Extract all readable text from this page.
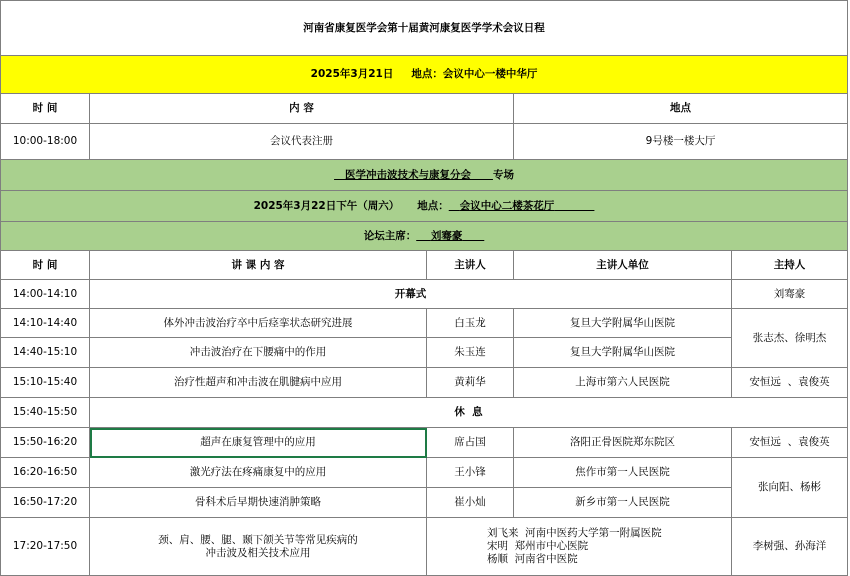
河南省康复医学会第十届黄河康复医学学术会议日程				
2025年3月21日 地点：会议中心一楼中华厅				
时 间	内 容		地点	
10:00-18:00	会议代表注册		9号楼一楼大厅	
医学冲击波技术与康复分会 专场				
2025年3月22日下午（周六） 地点： 会议中心二楼茶花厅				
论坛主席： 刘骞豪				
时 间	讲 课 内 容	主讲人	主讲人单位	主持人
14:00-14:10	开幕式			刘骞豪
14:10-14:40	体外冲击波治疗卒中后痉挛状态研究进展	白玉龙	复旦大学附属华山医院	张志杰、徐明杰
14:40-15:10	冲击波治疗在下腰痛中的作用	朱玉连	复旦大学附属华山医院	
15:10-15:40	治疗性超声和冲击波在肌腱病中应用	黄莉华	上海市第六人民医院	安恒远  、袁俊英
15:40-15:50	休  息			
15:50-16:20	超声在康复管理中的应用	席占国	洛阳正骨医院郑东院区	安恒远  、袁俊英
16:20-16:50	激光疗法在疼痛康复中的应用	王小锋	焦作市第一人民医院	张向阳、杨彬
16:50-17:20	骨科术后早期快速消肿策略	崔小灿	新乡市第一人民医院	
17:20-17:50	颈、肩、腰、腿、颞下颌关节等常见疾病的
冲击波及相关技术应用	刘飞来  河南中医药大学第一附属医院
宋明  郑州市中心医院
杨顺  河南省中医院		李树强、孙海洋
